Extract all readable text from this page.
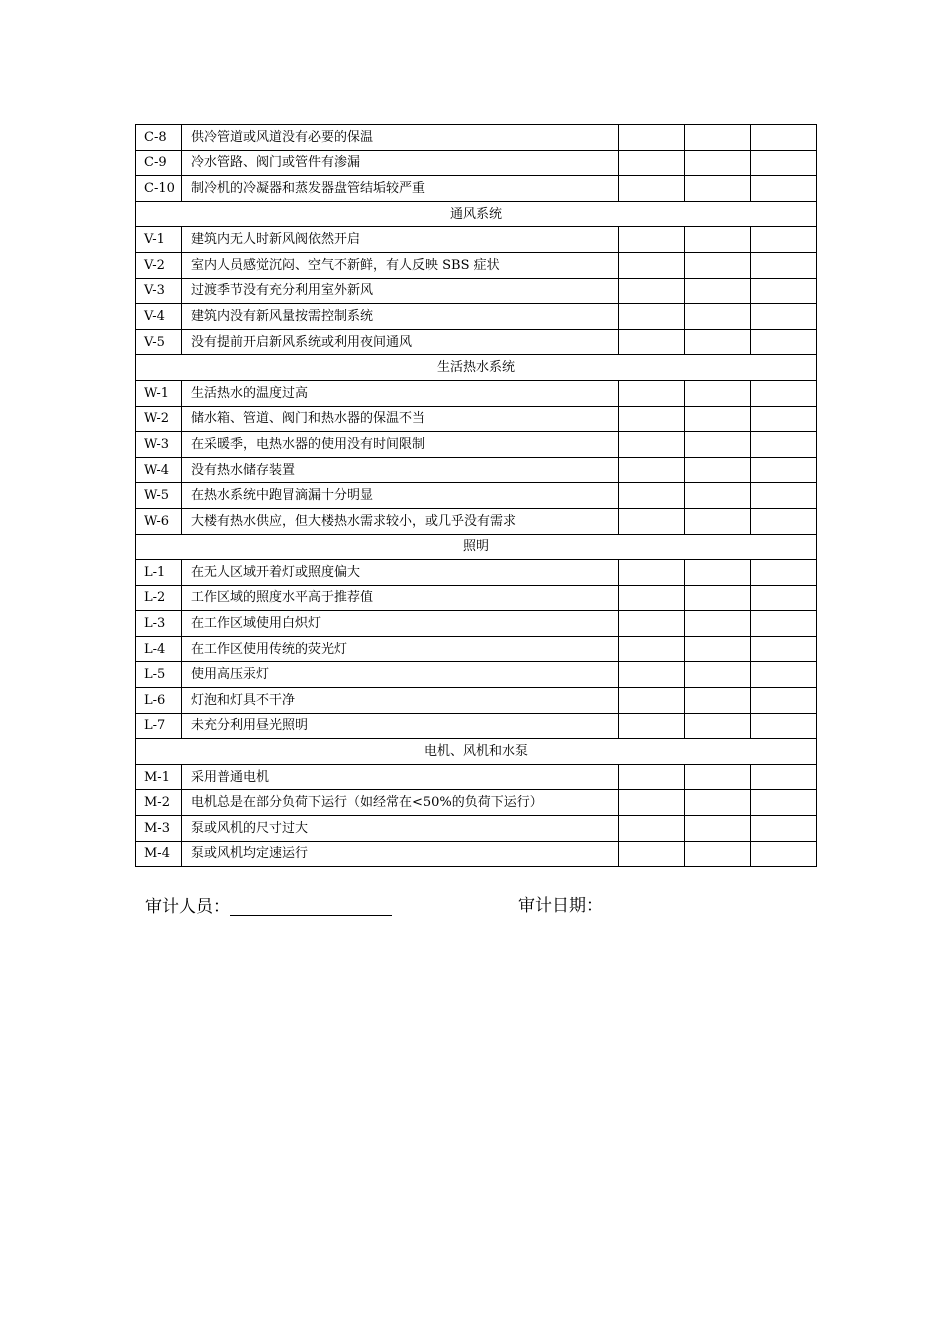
C-8	供冷管道或风道没有必要的保温			
C-9	冷水管路、阀门或管件有渗漏			
C-10	制冷机的冷凝器和蒸发器盘管结垢较严重			
通风系统				
V-1	建筑内无人时新风阀依然开启			
V-2	室内人员感觉沉闷、空气不新鲜，有人反映 SBS 症状			
V-3	过渡季节没有充分利用室外新风			
V-4	建筑内没有新风量按需控制系统			
V-5	没有提前开启新风系统或利用夜间通风			
生活热水系统				
W-1	生活热水的温度过高			
W-2	储水箱、管道、阀门和热水器的保温不当			
W-3	在采暖季，电热水器的使用没有时间限制			
W-4	没有热水储存装置			
W-5	在热水系统中跑冒滴漏十分明显			
W-6	大楼有热水供应，但大楼热水需求较小，或几乎没有需求			
照明				
L-1	在无人区域开着灯或照度偏大			
L-2	工作区域的照度水平高于推荐值			
L-3	在工作区域使用白炽灯			
L-4	在工作区使用传统的荧光灯			
L-5	使用高压汞灯			
L-6	灯泡和灯具不干净			
L-7	未充分利用昼光照明			
电机、风机和水泵				
M-1	采用普通电机			
M-2	电机总是在部分负荷下运行（如经常在<50%的负荷下运行）			
M-3	泵或风机的尺寸过大			
M-4	泵或风机均定速运行			
审计人员：	审计日期：
